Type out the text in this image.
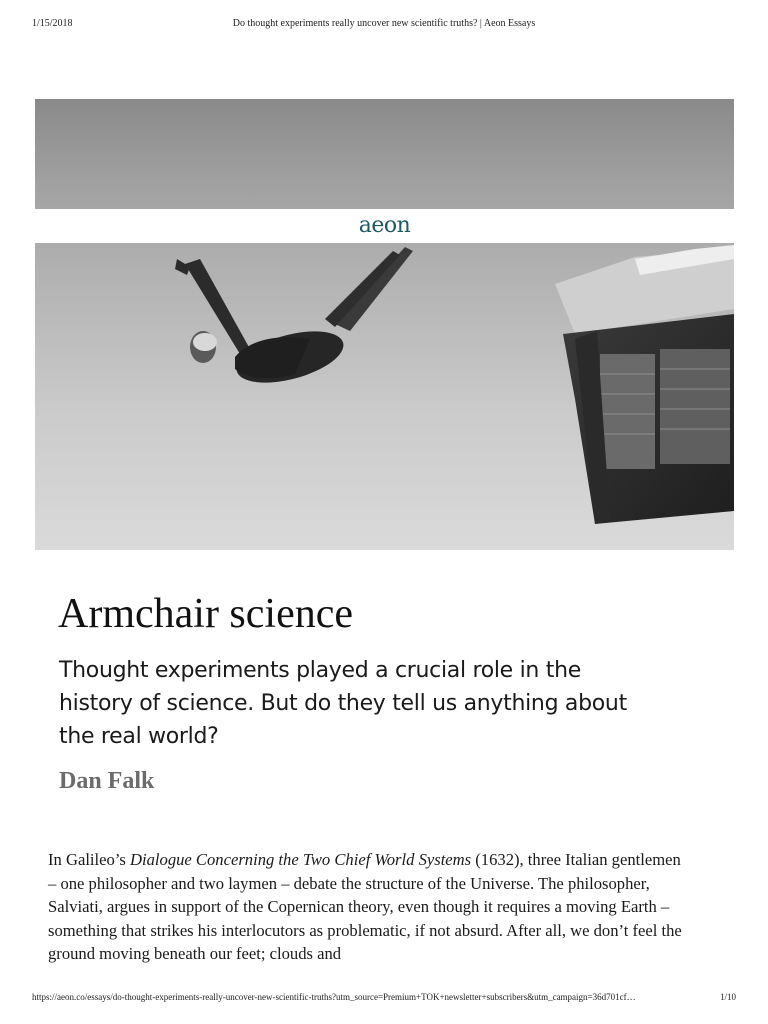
1/15/2018	Do thought experiments really uncover new scientific truths? | Aeon Essays
aeon
Armchair science

Thought experiments played a crucial role in the history of science. But do they tell us anything about the real world?

Dan Falk

In Galileo’s Dialogue Concerning the Two Chief World Systems (1632), three Italian gentlemen – one philosopher and two laymen – debate the structure of the Universe. The philosopher, Salviati, argues in support of the Copernican theory, even though it requires a moving Earth – something that strikes his interlocutors as problematic, if not absurd. After all, we don’t feel the ground moving beneath our feet; clouds and

https://aeon.co/essays/do-thought-experiments-really-uncover-new-scientific-truths?utm_source=Premium+TOK+newsletter+subscribers&utm_campaign=36d701cf…	1/10
